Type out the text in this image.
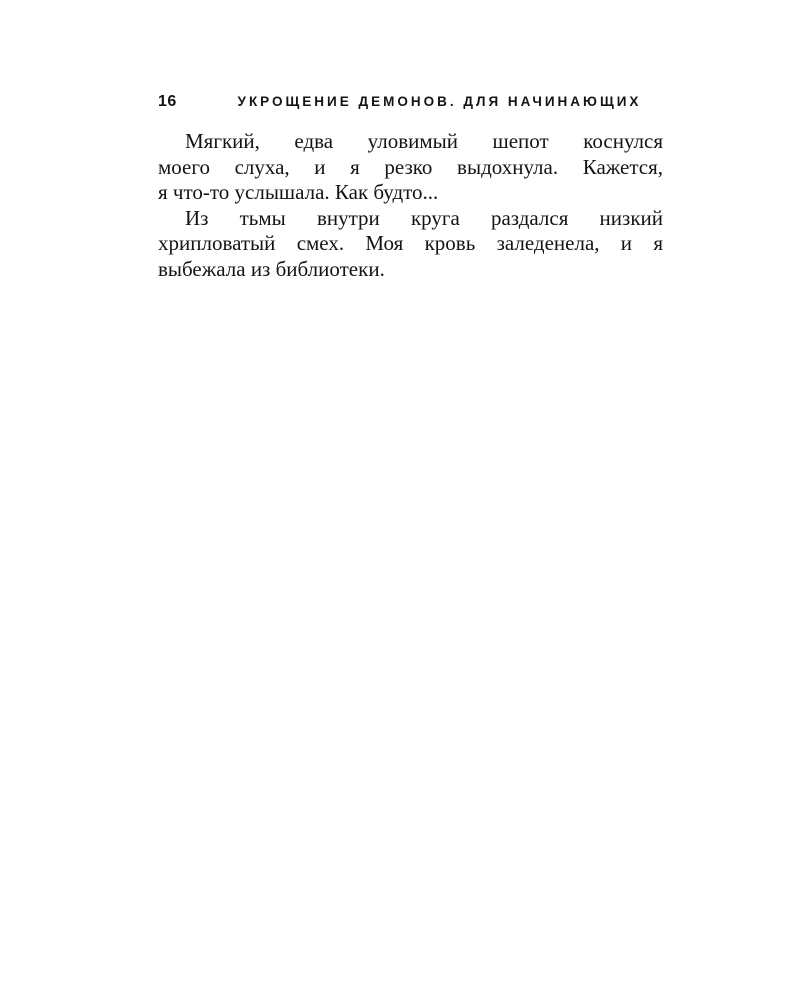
16	УКРОЩЕНИЕ ДЕМОНОВ. ДЛЯ НАЧИНАЮЩИХ
Мягкий, едва уловимый шепот коснулся
моего слуха, и я резко выдохнула. Кажется,
я что-то услышала. Как будто...
Из тьмы внутри круга раздался низкий
хрипловатый смех. Моя кровь заледенела, и я
выбежала из библиотеки.
